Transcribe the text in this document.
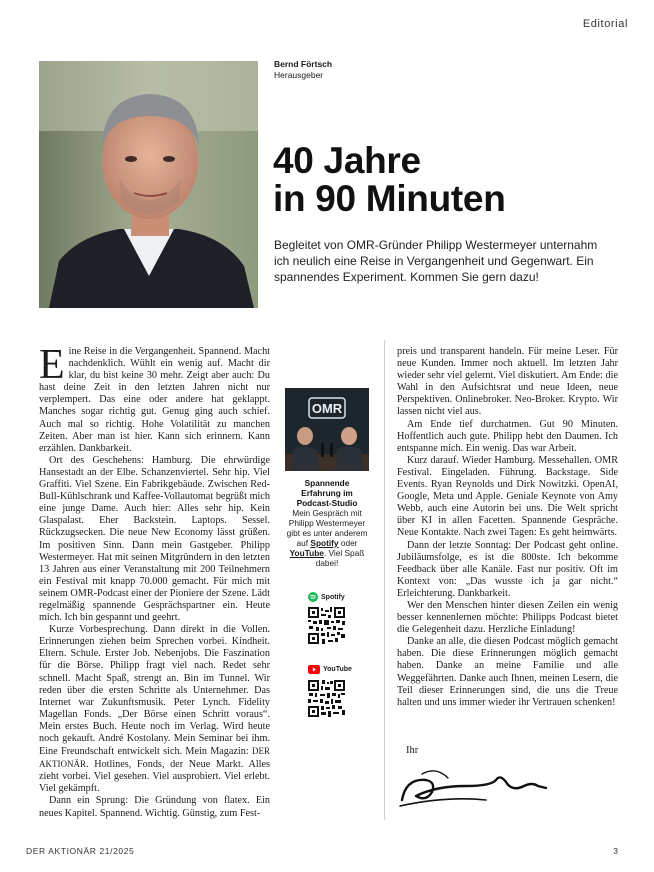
Editorial
Bernd Förtsch
Herausgeber
40 Jahre
in 90 Minuten
Begleitet von OMR-Gründer Philipp Westermeyer unternahm ich neulich eine Reise in Vergangenheit und Gegenwart. Ein spannendes Experiment. Kommen Sie gern dazu!

Eine Reise in die Vergangenheit. Spannend. Macht nachdenklich. Wühlt ein wenig auf. Macht dir klar, du bist keine 30 mehr. Zeigt aber auch: Du hast deine Zeit in den letzten Jahren nicht nur verplempert. Das eine oder andere hat geklappt. Manches sogar richtig gut. Genug ging auch schief. Auch mal so richtig. Hohe Volatilität zu manchen Zeiten. Aber man ist hier. Kann sich erinnern. Kann erzählen. Dankbarkeit.

Ort des Geschehens: Hamburg. Die ehrwürdige Hansestadt an der Elbe. Schanzenviertel. Sehr hip. Viel Graffiti. Viel Szene. Ein Fabrikgebäude. Zwischen Red-Bull-Kühlschrank und Kaffee-Vollautomat begrüßt mich eine junge Dame. Auch hier: Alles sehr hip. Kein Glaspalast. Eher Backstein. Laptops. Sessel. Rückzugsecken. Die neue New Economy lässt grüßen. Im positiven Sinn. Dann mein Gastgeber. Philipp Westermeyer. Hat mit seinen Mitgründern in den letzten 13 Jahren aus einer Veranstaltung mit 200 Teilnehmern ein Festival mit knapp 70.000 gemacht. Für mich mit seinem OMR-Podcast einer der Pioniere der Szene. Lädt regelmäßig spannende Gesprächspartner ein. Heute mich. Ich bin gespannt und geehrt.

Kurze Vorbesprechung. Dann direkt in die Vollen. Erinnerungen ziehen beim Sprechen vorbei. Kindheit. Eltern. Schule. Erster Job. Nebenjobs. Die Faszination für die Börse. Philipp fragt viel nach. Redet sehr schnell. Macht Spaß, strengt an. Bin im Tunnel. Wir reden über die ersten Schritte als Unternehmer. Das Internet war Zukunftsmusik. Peter Lynch. Fidelity Magellan Fonds. „Der Börse einen Schritt voraus“. Mein erstes Buch. Heute noch im Verlag. Wird heute noch gekauft. André Kostolany. Mein Seminar bei ihm. Eine Freundschaft entwickelt sich. Mein Magazin: DER AKTIONÄR. Hotlines, Fonds, der Neue Markt. Alles zieht vorbei. Viel gesehen. Viel ausprobiert. Viel erlebt. Viel gekämpft.

Dann ein Sprung: Die Gründung von flatex. Ein neues Kapitel. Spannend. Wichtig. Günstig, zum Fest-

OMR
Spannende Erfahrung im Podcast-Studio
Mein Gespräch mit Philipp Westermeyer gibt es unter anderem auf Spotify oder YouTube. Viel Spaß dabei!
Spotify
YouTube

preis und transparent handeln. Für meine Leser. Für neue Kunden. Immer noch aktuell. Im letzten Jahr wieder sehr viel gelernt. Viel diskutiert. Am Ende: die Wahl in den Aufsichtsrat und neue Ideen, neue Perspektiven. Onlinebroker. Neo-Broker. Krypto. Wir lassen nicht viel aus.

Am Ende tief durchatmen. Gut 90 Minuten. Hoffentlich auch gute. Philipp hebt den Daumen. Ich entspanne mich. Ein wenig. Das war Arbeit.

Kurz darauf. Wieder Hamburg. Messehallen. OMR Festival. Eingeladen. Führung. Backstage. Side Events. Ryan Reynolds und Dirk Nowitzki. OpenAI, Google, Meta und Apple. Geniale Keynote von Amy Webb, auch eine Autorin bei uns. Die Welt spricht über KI in allen Facetten. Spannende Gespräche. Neue Kontakte. Nach zwei Tagen: Es geht heimwärts.

Dann der letzte Sonntag: Der Podcast geht online. Jubiläumsfolge, es ist die 800ste. Ich bekomme Feedback über alle Kanäle. Fast nur positiv. Oft im Kontext von: „Das wusste ich ja gar nicht.“ Erleichterung. Dankbarkeit.

Wer den Menschen hinter diesen Zeilen ein wenig besser kennenlernen möchte: Philipps Podcast bietet die Gelegenheit dazu. Herzliche Einladung!

Danke an alle, die diesen Podcast möglich gemacht haben. Die diese Erinnerungen möglich gemacht haben. Danke an meine Familie und alle Weggefährten. Danke auch Ihnen, meinen Lesern, die Teil dieser Erinnerungen sind, die uns die Treue halten und uns immer wieder ihr Vertrauen schenken!

Ihr
DER AKTIONÄR 21/2025	3
